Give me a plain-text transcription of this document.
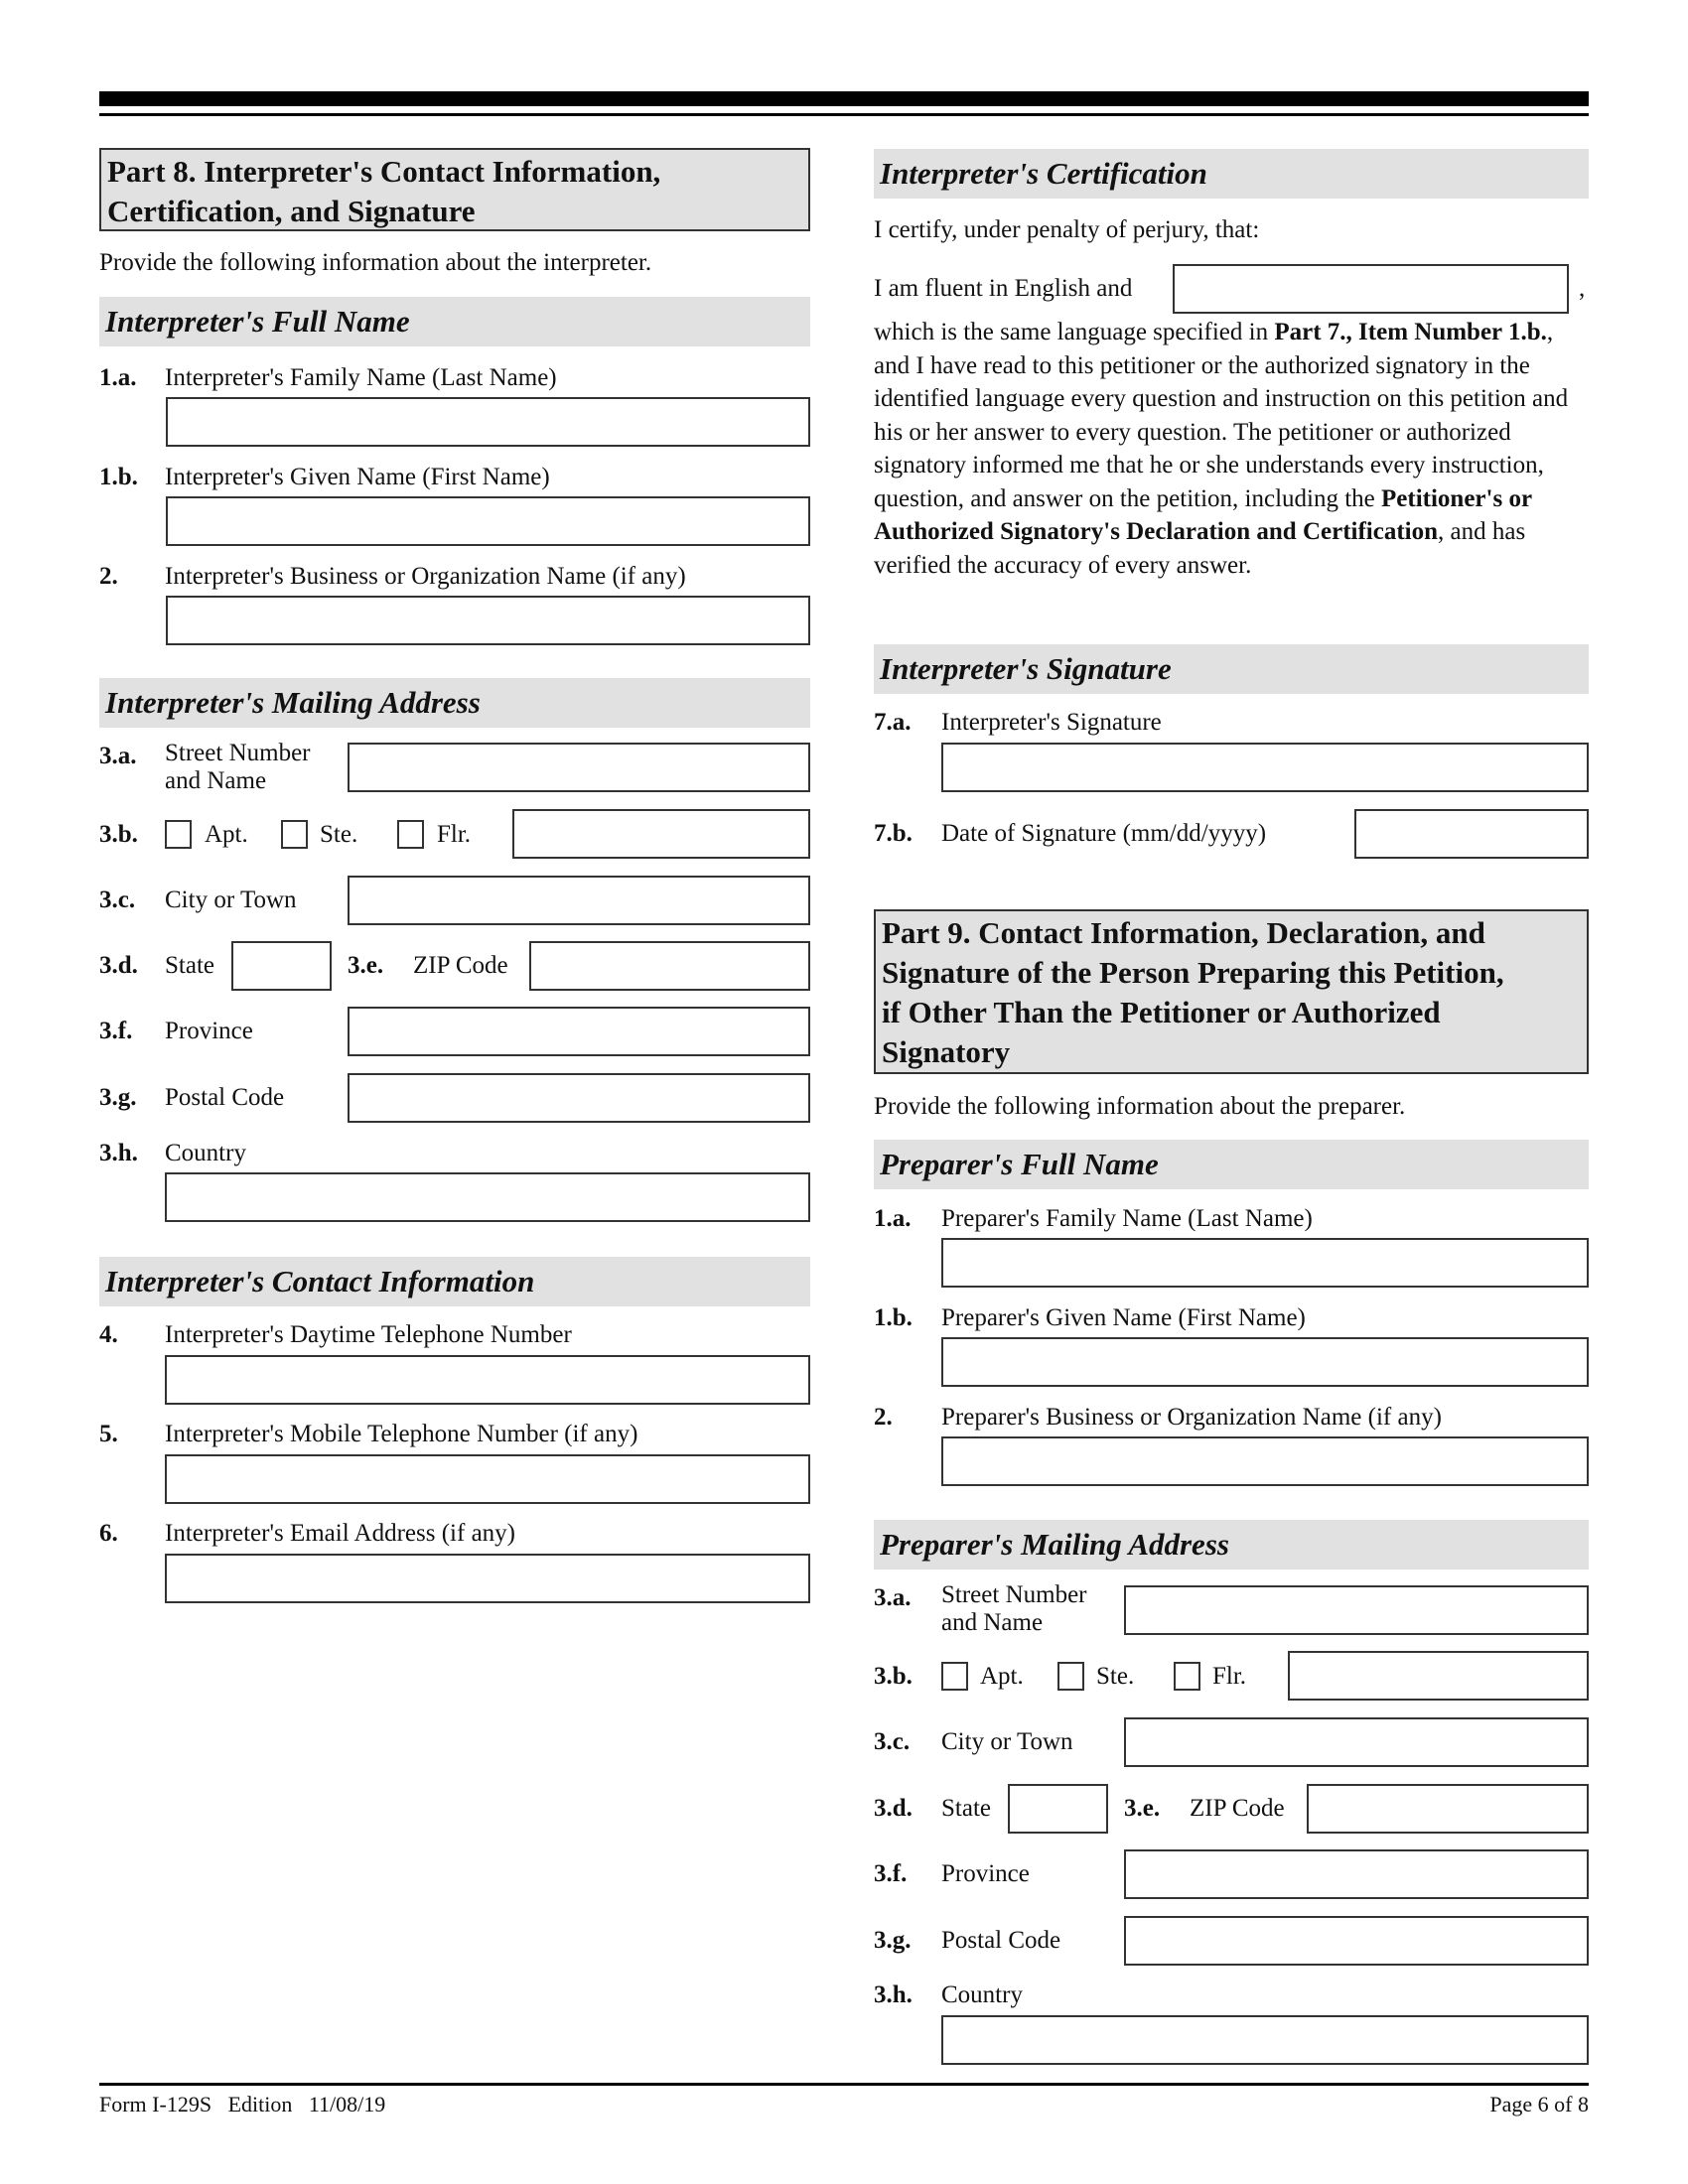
Part 8. Interpreter's Contact Information,
Certification, and Signature
Provide the following information about the interpreter.
Interpreter's Full Name
1.a. Interpreter's Family Name (Last Name)
1.b. Interpreter's Given Name (First Name)
2. Interpreter's Business or Organization Name (if any)
Interpreter's Mailing Address
3.a. Street Number
and Name
3.b.	Apt.	Ste.	Flr.
3.c. City or Town
3.d. State	3.e. ZIP Code
3.f. Province
3.g. Postal Code
3.h. Country
Interpreter's Contact Information
4. Interpreter's Daytime Telephone Number
5. Interpreter's Mobile Telephone Number (if any)
6. Interpreter's Email Address (if any)
Interpreter's Certification
I certify, under penalty of perjury, that:
I am fluent in English and	,
which is the same language specified in Part 7., Item Number 1.b., and I have read to this petitioner or the authorized signatory in the identified language every question and instruction on this petition and his or her answer to every question. The petitioner or authorized signatory informed me that he or she understands every instruction, question, and answer on the petition, including the Petitioner's or Authorized Signatory's Declaration and Certification, and has verified the accuracy of every answer.
Interpreter's Signature
7.a. Interpreter's Signature
7.b. Date of Signature (mm/dd/yyyy)
Part 9. Contact Information, Declaration, and
Signature of the Person Preparing this Petition,
if Other Than the Petitioner or Authorized
Signatory
Provide the following information about the preparer.
Preparer's Full Name
1.a. Preparer's Family Name (Last Name)
1.b. Preparer's Given Name (First Name)
2. Preparer's Business or Organization Name (if any)
Preparer's Mailing Address
3.a. Street Number
and Name
3.b.	Apt.	Ste.	Flr.
3.c. City or Town
3.d. State	3.e. ZIP Code
3.f. Province
3.g. Postal Code
3.h. Country
Form I-129S Edition 11/08/19	Page 6 of 8
